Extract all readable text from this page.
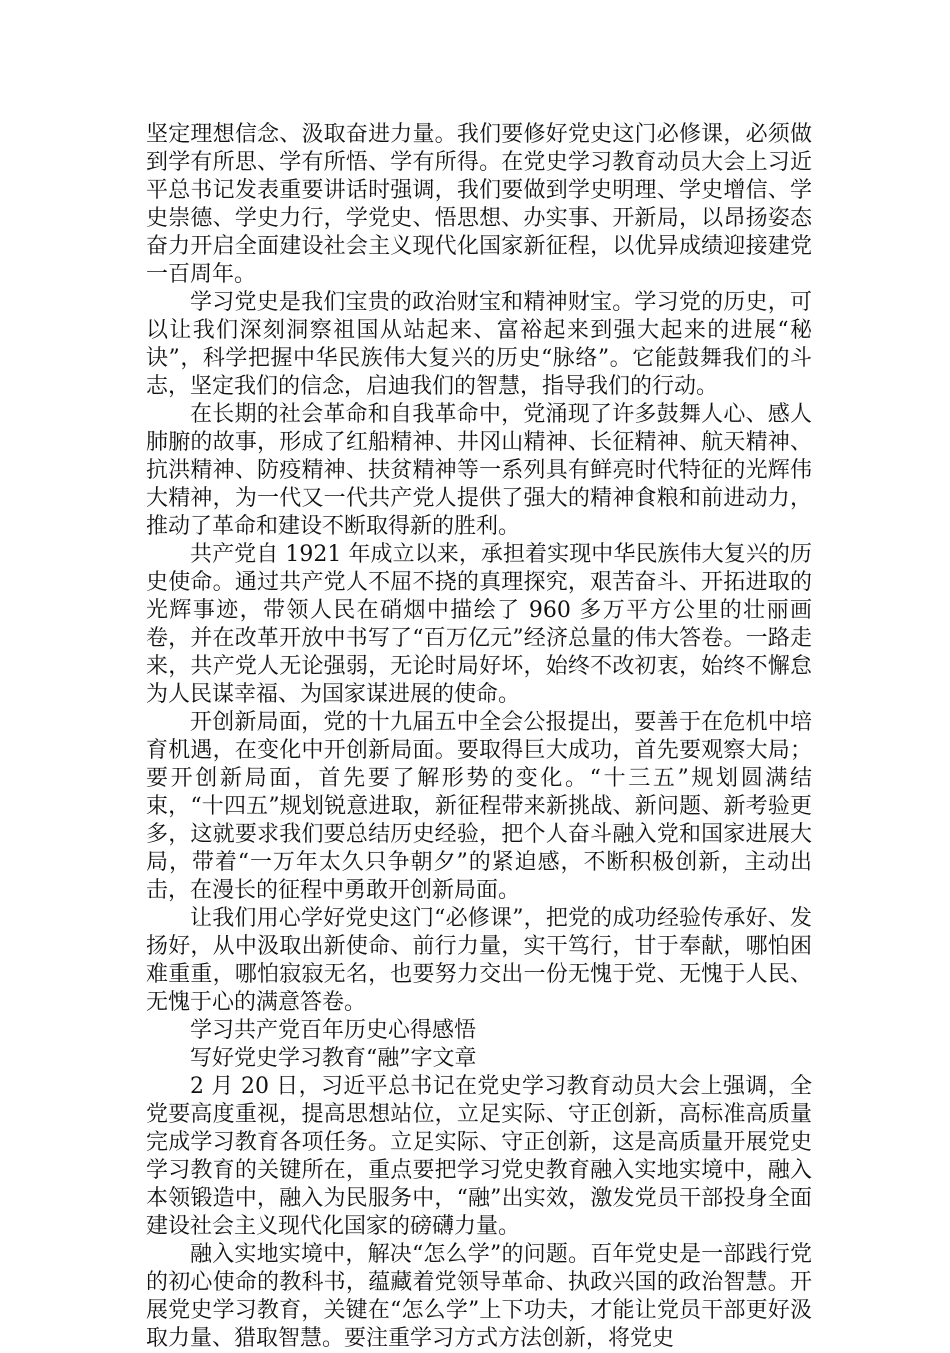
坚定理想信念、汲取奋进力量。我们要修好党史这门必修课，必须做到学有所思、学有所悟、学有所得。在党史学习教育动员大会上习近平总书记发表重要讲话时强调，我们要做到学史明理、学史增信、学史崇德、学史力行，学党史、悟思想、办实事、开新局，以昂扬姿态奋力开启全面建设社会主义现代化国家新征程，以优异成绩迎接建党一百周年。

学习党史是我们宝贵的政治财宝和精神财宝。学习党的历史，可以让我们深刻洞察祖国从站起来、富裕起来到强大起来的进展“秘诀”，科学把握中华民族伟大复兴的历史“脉络”。它能鼓舞我们的斗志，坚定我们的信念，启迪我们的智慧，指导我们的行动。

在长期的社会革命和自我革命中，党涌现了许多鼓舞人心、感人肺腑的故事，形成了红船精神、井冈山精神、长征精神、航天精神、抗洪精神、防疫精神、扶贫精神等一系列具有鲜亮时代特征的光辉伟大精神，为一代又一代共产党人提供了强大的精神食粮和前进动力，推动了革命和建设不断取得新的胜利。

共产党自 1921 年成立以来，承担着实现中华民族伟大复兴的历史使命。通过共产党人不屈不挠的真理探究，艰苦奋斗、开拓进取的光辉事迹，带领人民在硝烟中描绘了 960 多万平方公里的壮丽画卷，并在改革开放中书写了“百万亿元”经济总量的伟大答卷。一路走来，共产党人无论强弱，无论时局好坏，始终不改初衷，始终不懈怠为人民谋幸福、为国家谋进展的使命。

开创新局面，党的十九届五中全会公报提出，要善于在危机中培育机遇，在变化中开创新局面。要取得巨大成功，首先要观察大局；要开创新局面，首先要了解形势的变化。“十三五”规划圆满结束，“十四五”规划锐意进取，新征程带来新挑战、新问题、新考验更多，这就要求我们要总结历史经验，把个人奋斗融入党和国家进展大局，带着“一万年太久只争朝夕”的紧迫感，不断积极创新，主动出击，在漫长的征程中勇敢开创新局面。

让我们用心学好党史这门“必修课”，把党的成功经验传承好、发扬好，从中汲取出新使命、前行力量，实干笃行，甘于奉献，哪怕困难重重，哪怕寂寂无名，也要努力交出一份无愧于党、无愧于人民、无愧于心的满意答卷。

学习共产党百年历史心得感悟

写好党史学习教育“融”字文章

2 月 20 日，习近平总书记在党史学习教育动员大会上强调，全党要高度重视，提高思想站位，立足实际、守正创新，高标准高质量完成学习教育各项任务。立足实际、守正创新，这是高质量开展党史学习教育的关键所在，重点要把学习党史教育融入实地实境中，融入本领锻造中，融入为民服务中，“融”出实效，激发党员干部投身全面建设社会主义现代化国家的磅礴力量。

融入实地实境中，解决“怎么学”的问题。百年党史是一部践行党的初心使命的教科书，蕴藏着党领导革命、执政兴国的政治智慧。开展党史学习教育，关键在“怎么学”上下功夫，才能让党员干部更好汲取力量、猎取智慧。要注重学习方式方法创新，将党史
